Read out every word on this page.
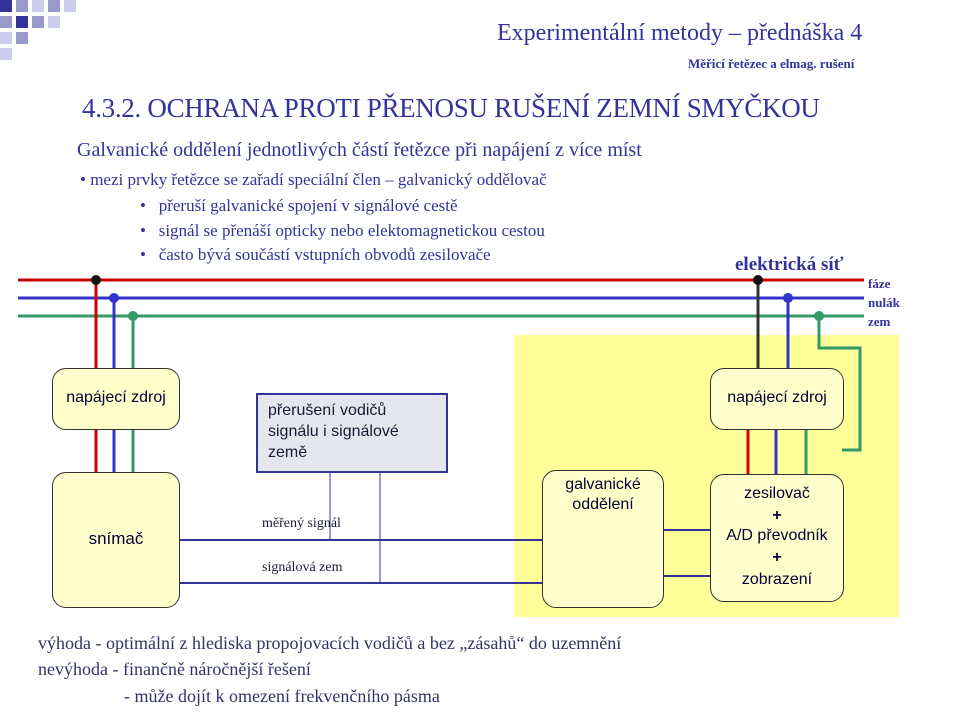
Experimentální metody – přednáška 4
Měřicí řetězec a elmag. rušení
4.3.2. OCHRANA PROTI PŘENOSU RUŠENÍ ZEMNÍ SMYČKOU
Galvanické oddělení jednotlivých částí řetězce při napájení z více míst
• mezi prvky řetězce se zařadí speciální člen – galvanický oddělovač
•   přeruší galvanické spojení v signálové cestě
•   signál se přenáší opticky nebo elektomagnetickou cestou
•   často bývá součástí vstupních obvodů zesilovače	elektrická síť
fáze
nulák
zem
napájecí zdroj
snímač
přerušení vodičů signálu i signálové země
měřený signál
signálová zem
galvanické oddělení
napájecí zdroj
zesilovač
+
A/D převodník
+
zobrazení
výhoda - optimální z hlediska propojovacích vodičů a bez „zásahů“ do uzemnění
nevýhoda - finančně náročnější řešení
- může dojít k omezení frekvenčního pásma
